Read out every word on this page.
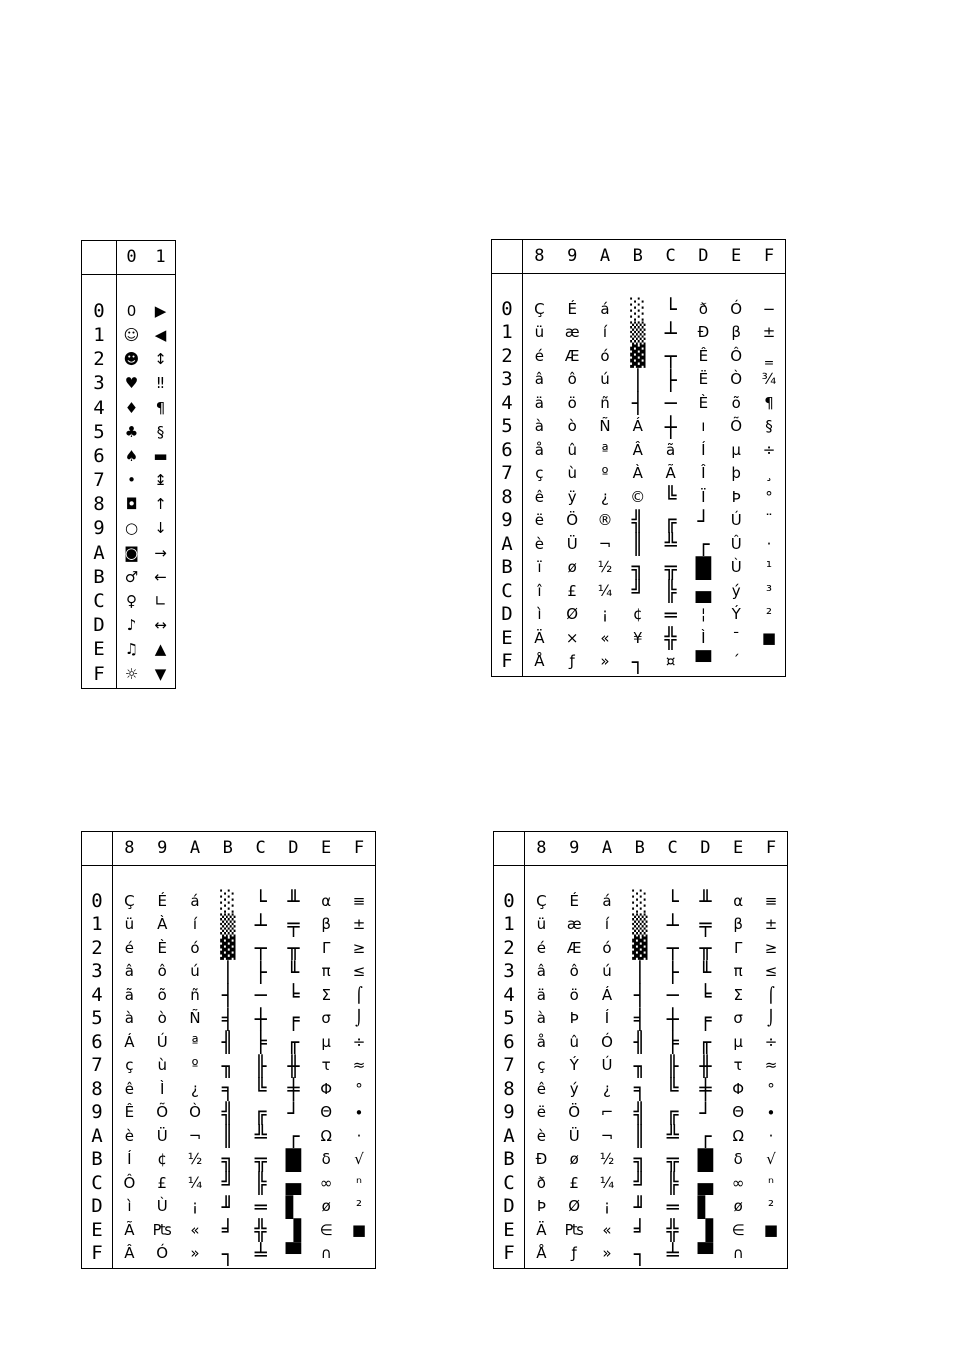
	0	1

0	0	▶
1	☺	◀
2	☻	↕
3	♥	‼
4	♦	¶
5	♣	§
6	♠	▬
7	•	↨
8	◘	↑
9	○	↓
A	◙	→
B	♂	←
C	♀	∟
D	♪	↔
E	♫	▲
F	☼	▼

	8	9	A	B	C	D	E	F

0	Ç	É	á	░	└	ð	Ó	−
1	ü	æ	í	▒	┴	Ð	β	±
2	é	Æ	ó	▓	┬	Ê	Ô	‗
3	â	ô	ú	│	├	Ë	Ò	¾
4	ä	ö	ñ	┤	─	È	õ	¶
5	à	ò	Ñ	Á	┼	ı	Õ	§
6	å	û	ª	Â	ã	Í	µ	÷
7	ç	ù	º	À	Ã	Î	þ	¸
8	ê	ÿ	¿	©	╚	Ï	Þ	°
9	ë	Ö	®	╣	╔	┘	Ú	¨
A	è	Ü	¬	║	╩	┌	Û	·
B	ï	ø	½	╗	╦	█	Ù	¹
C	î	£	¼	╝	╠	▄	ý	³
D	ì	Ø	¡	¢	═	¦	Ý	²
E	Ä	×	«	¥	╬	Ì	¯	■
F	Å	ƒ	»	┐	¤	▀	´	

	8	9	A	B	C	D	E	F

0	Ç	É	á	░	└	╨	α	≡
1	ü	À	í	▒	┴	╤	β	±
2	é	È	ó	▓	┬	╥	Γ	≥
3	â	ô	ú	│	├	╙	π	≤
4	ã	õ	ñ	┤	─	╘	Σ	⌠
5	à	ò	Ñ	╡	┼	╒	σ	⌡
6	Á	Ú	ª	╢	╞	╓	µ	÷
7	ç	ù	º	╖	╟	╫	τ	≈
8	ê	Ì	¿	╕	╚	╪	Φ	°
9	Ê	Õ	Ò	╣	╔	┘	Θ	∙
A	è	Ü	¬	║	╩	┌	Ω	·
B	Í	¢	½	╗	╦	█	δ	√
C	Ô	£	¼	╝	╠	▄	∞	ⁿ
D	ì	Ù	¡	╜	═	▌	ø	²
E	Ã	₧	«	╛	╬	▐	∈	■
F	Â	Ó	»	┐	╧	▀	∩	

	8	9	A	B	C	D	E	F

0	Ç	É	á	░	└	╨	α	≡
1	ü	æ	í	▒	┴	╤	β	±
2	é	Æ	ó	▓	┬	╥	Γ	≥
3	â	ô	ú	│	├	╙	π	≤
4	ä	ö	Á	┤	─	╘	Σ	⌠
5	à	Þ	Í	╡	┼	╒	σ	⌡
6	å	û	Ó	╢	╞	╓	µ	÷
7	ç	Ý	Ú	╖	╟	╫	τ	≈
8	ê	ý	¿	╕	╚	╪	Φ	°
9	ë	Ö	⌐	╣	╔	┘	Θ	∙
A	è	Ü	¬	║	╩	┌	Ω	·
B	Ð	ø	½	╗	╦	█	δ	√
C	ð	£	¼	╝	╠	▄	∞	ⁿ
D	Þ	Ø	¡	╜	═	▌	ø	²
E	Ä	₧	«	╛	╬	▐	∈	■
F	Å	ƒ	»	┐	╧	▀	∩	
